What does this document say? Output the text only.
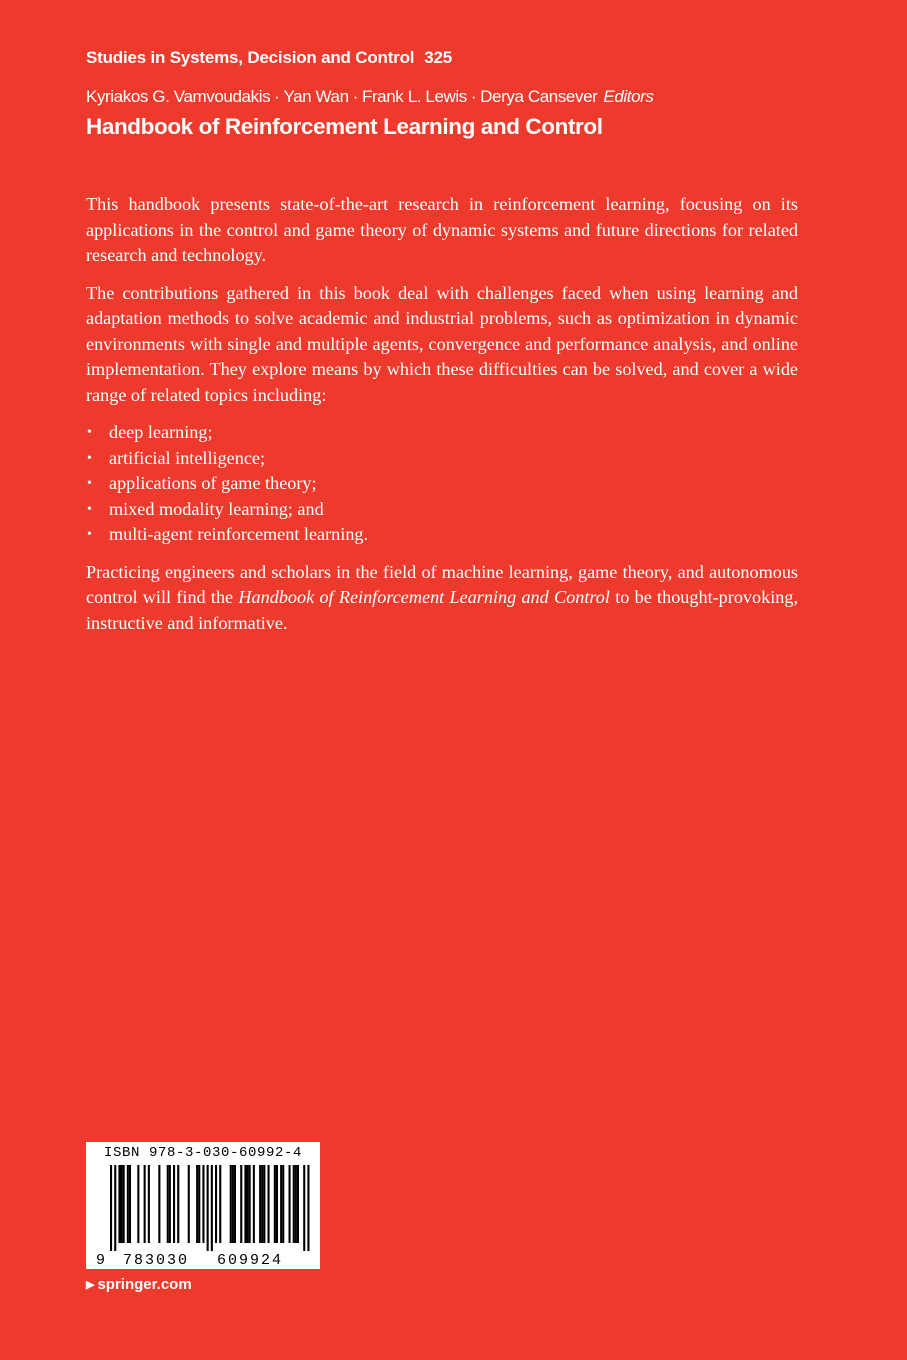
Studies in Systems, Decision and Control 325
Kyriakos G. Vamvoudakis · Yan Wan · Frank L. Lewis · Derya Cansever Editors
Handbook of Reinforcement Learning and Control

This handbook presents state-of-the-art research in reinforcement learning, focusing on its applications in the control and game theory of dynamic systems and future directions for related research and technology.

The contributions gathered in this book deal with challenges faced when using learning and adaptation methods to solve academic and industrial problems, such as optimization in dynamic environments with single and multiple agents, convergence and performance analysis, and online implementation. They explore means by which these difficulties can be solved, and cover a wide range of related topics including:

• deep learning;
• artificial intelligence;
• applications of game theory;
• mixed modality learning; and
• multi-agent reinforcement learning.

Practicing engineers and scholars in the field of machine learning, game theory, and autonomous control will find the Handbook of Reinforcement Learning and Control to be thought-provoking, instructive and informative.

ISBN 978-3-030-60992-4
9 783030 609924
▶ springer.com
